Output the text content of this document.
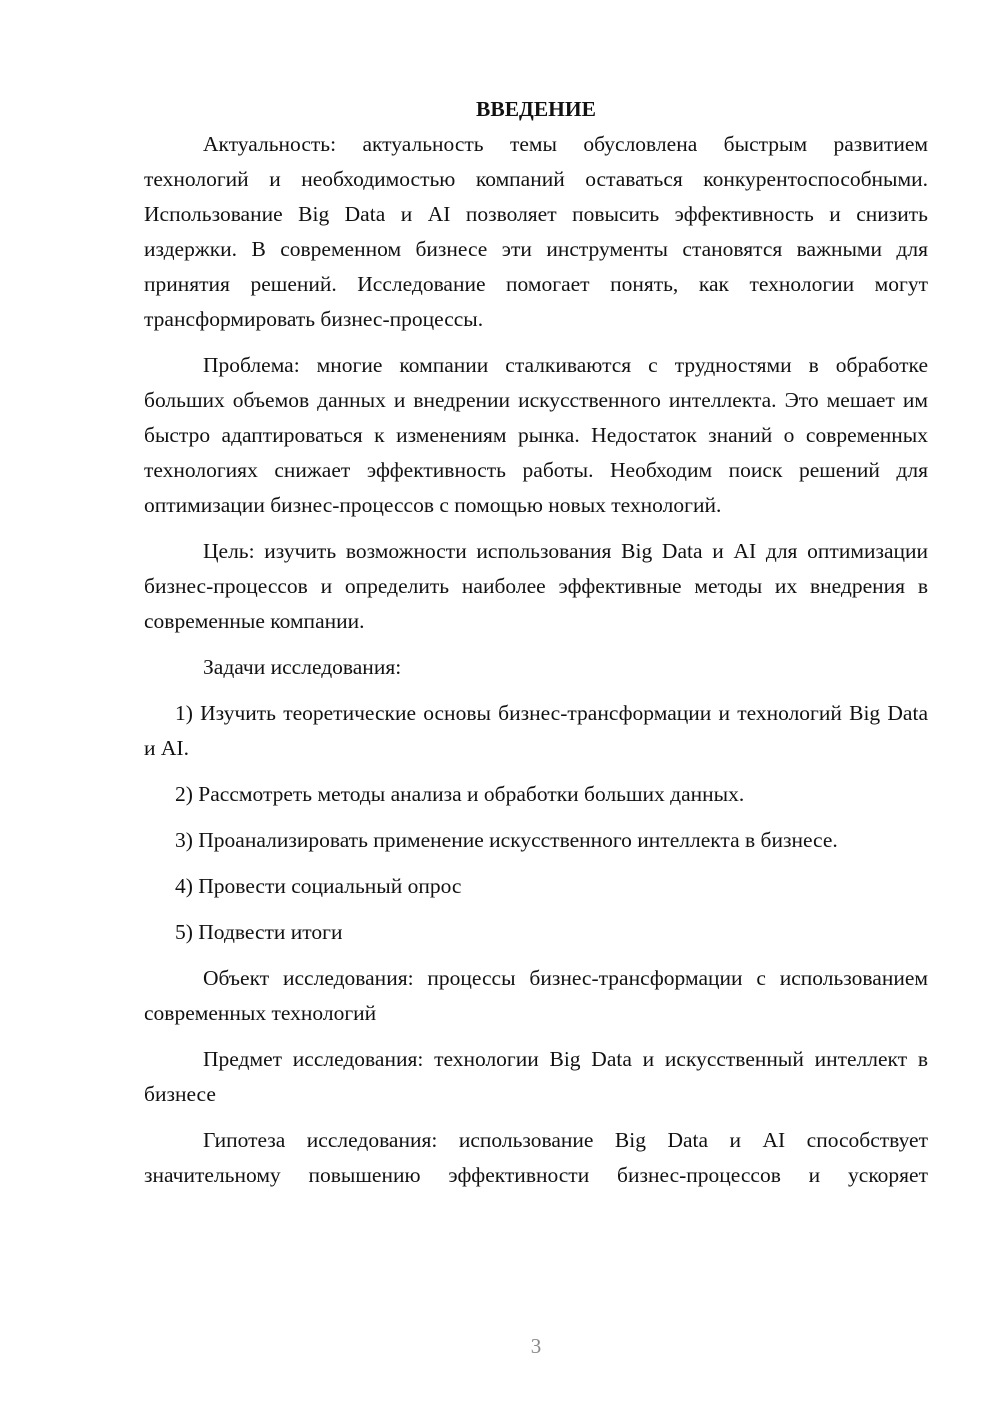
ВВЕДЕНИЕ

Актуальность: актуальность темы обусловлена быстрым развитием технологий и необходимостью компаний оставаться конкурентоспособными. Использование Big Data и AI позволяет повысить эффективность и снизить издержки. В современном бизнесе эти инструменты становятся важными для принятия решений. Исследование помогает понять, как технологии могут трансформировать бизнес-процессы.

Проблема: многие компании сталкиваются с трудностями в обработке больших объемов данных и внедрении искусственного интеллекта. Это мешает им быстро адаптироваться к изменениям рынка. Недостаток знаний о современных технологиях снижает эффективность работы. Необходим поиск решений для оптимизации бизнес-процессов с помощью новых технологий.

Цель: изучить возможности использования Big Data и AI для оптимизации бизнес-процессов и определить наиболее эффективные методы их внедрения в современные компании.

Задачи исследования:

1) Изучить теоретические основы бизнес-трансформации и технологий Big Data и AI.

2) Рассмотреть методы анализа и обработки больших данных.

3) Проанализировать применение искусственного интеллекта в бизнесе.

4) Провести социальный опрос

5) Подвести итоги

Объект исследования: процессы бизнес-трансформации с использованием современных технологий

Предмет исследования: технологии Big Data и искусственный интеллект в бизнесе

Гипотеза исследования: использование Big Data и AI способствует значительному повышению эффективности бизнес-процессов и ускоряет

3
